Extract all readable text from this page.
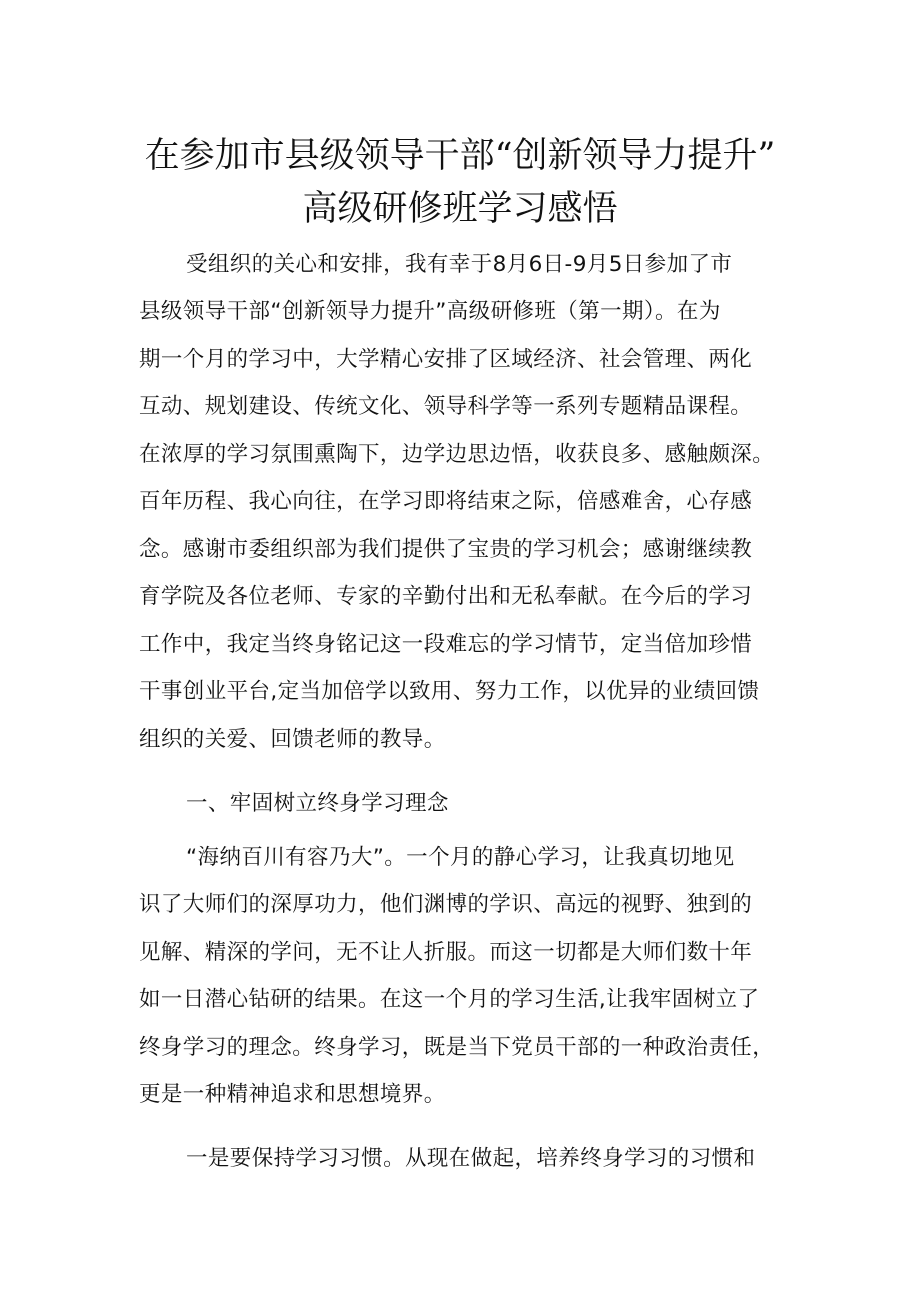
在参加市县级领导干部“创新领导力提升”
高级研修班学习感悟
受组织的关心和安排，我有幸于8月6日-9月5日参加了市
县级领导干部“创新领导力提升”高级研修班（第一期）。在为
期一个月的学习中，大学精心安排了区域经济、社会管理、两化
互动、规划建设、传统文化、领导科学等一系列专题精品课程。
在浓厚的学习氛围熏陶下，边学边思边悟，收获良多、感触颇深。
百年历程、我心向往，在学习即将结束之际，倍感难舍，心存感
念。感谢市委组织部为我们提供了宝贵的学习机会；感谢继续教
育学院及各位老师、专家的辛勤付出和无私奉献。在今后的学习
工作中，我定当终身铭记这一段难忘的学习情节，定当倍加珍惜
干事创业平台,定当加倍学以致用、努力工作，以优异的业绩回馈
组织的关爱、回馈老师的教导。
一、牢固树立终身学习理念
“海纳百川有容乃大”。一个月的静心学习，让我真切地见
识了大师们的深厚功力，他们渊博的学识、高远的视野、独到的
见解、精深的学问，无不让人折服。而这一切都是大师们数十年
如一日潜心钻研的结果。在这一个月的学习生活,让我牢固树立了
终身学习的理念。终身学习，既是当下党员干部的一种政治责任，
更是一种精神追求和思想境界。
一是要保持学习习惯。从现在做起，培养终身学习的习惯和
